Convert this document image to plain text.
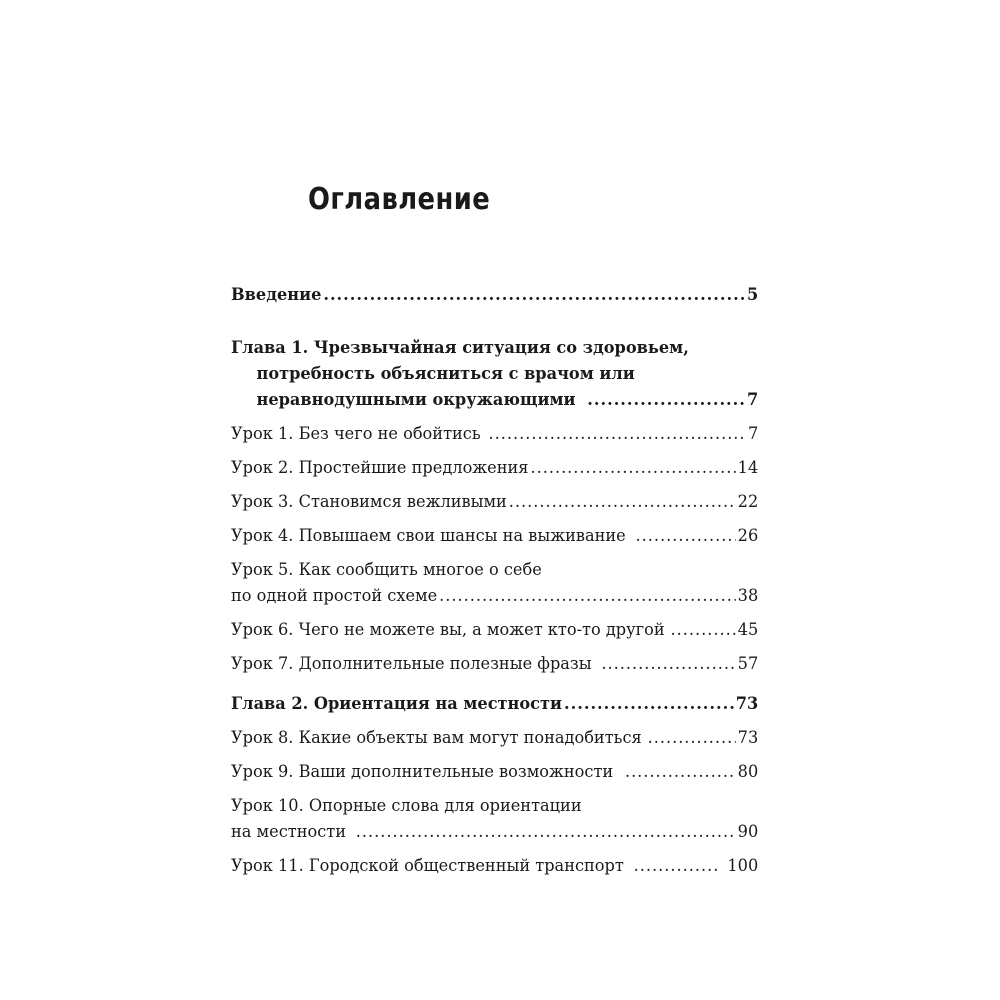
Оглавление
Введение .....	5
Глава 1. Чрезвычайная ситуация со здоровьем,
потребность объясниться с врачом или
неравнодушными окружающими .....	7
Урок 1. Без чего не обойтись .....	7
Урок 2. Простейшие предложения .....	14
Урок 3. Становимся вежливыми .....	22
Урок 4. Повышаем свои шансы на выживание .....	26
Урок 5. Как сообщить многое о себе
по одной простой схеме .....	38
Урок 6. Чего не можете вы, а может кто-то другой .....	45
Урок 7. Дополнительные полезные фразы .....	57
Глава 2. Ориентация на местности .....	73
Урок 8. Какие объекты вам могут понадобиться .....	73
Урок 9. Ваши дополнительные возможности .....	80
Урок 10. Опорные слова для ориентации
на местности .....	90
Урок 11. Городской общественный транспорт .....	100
